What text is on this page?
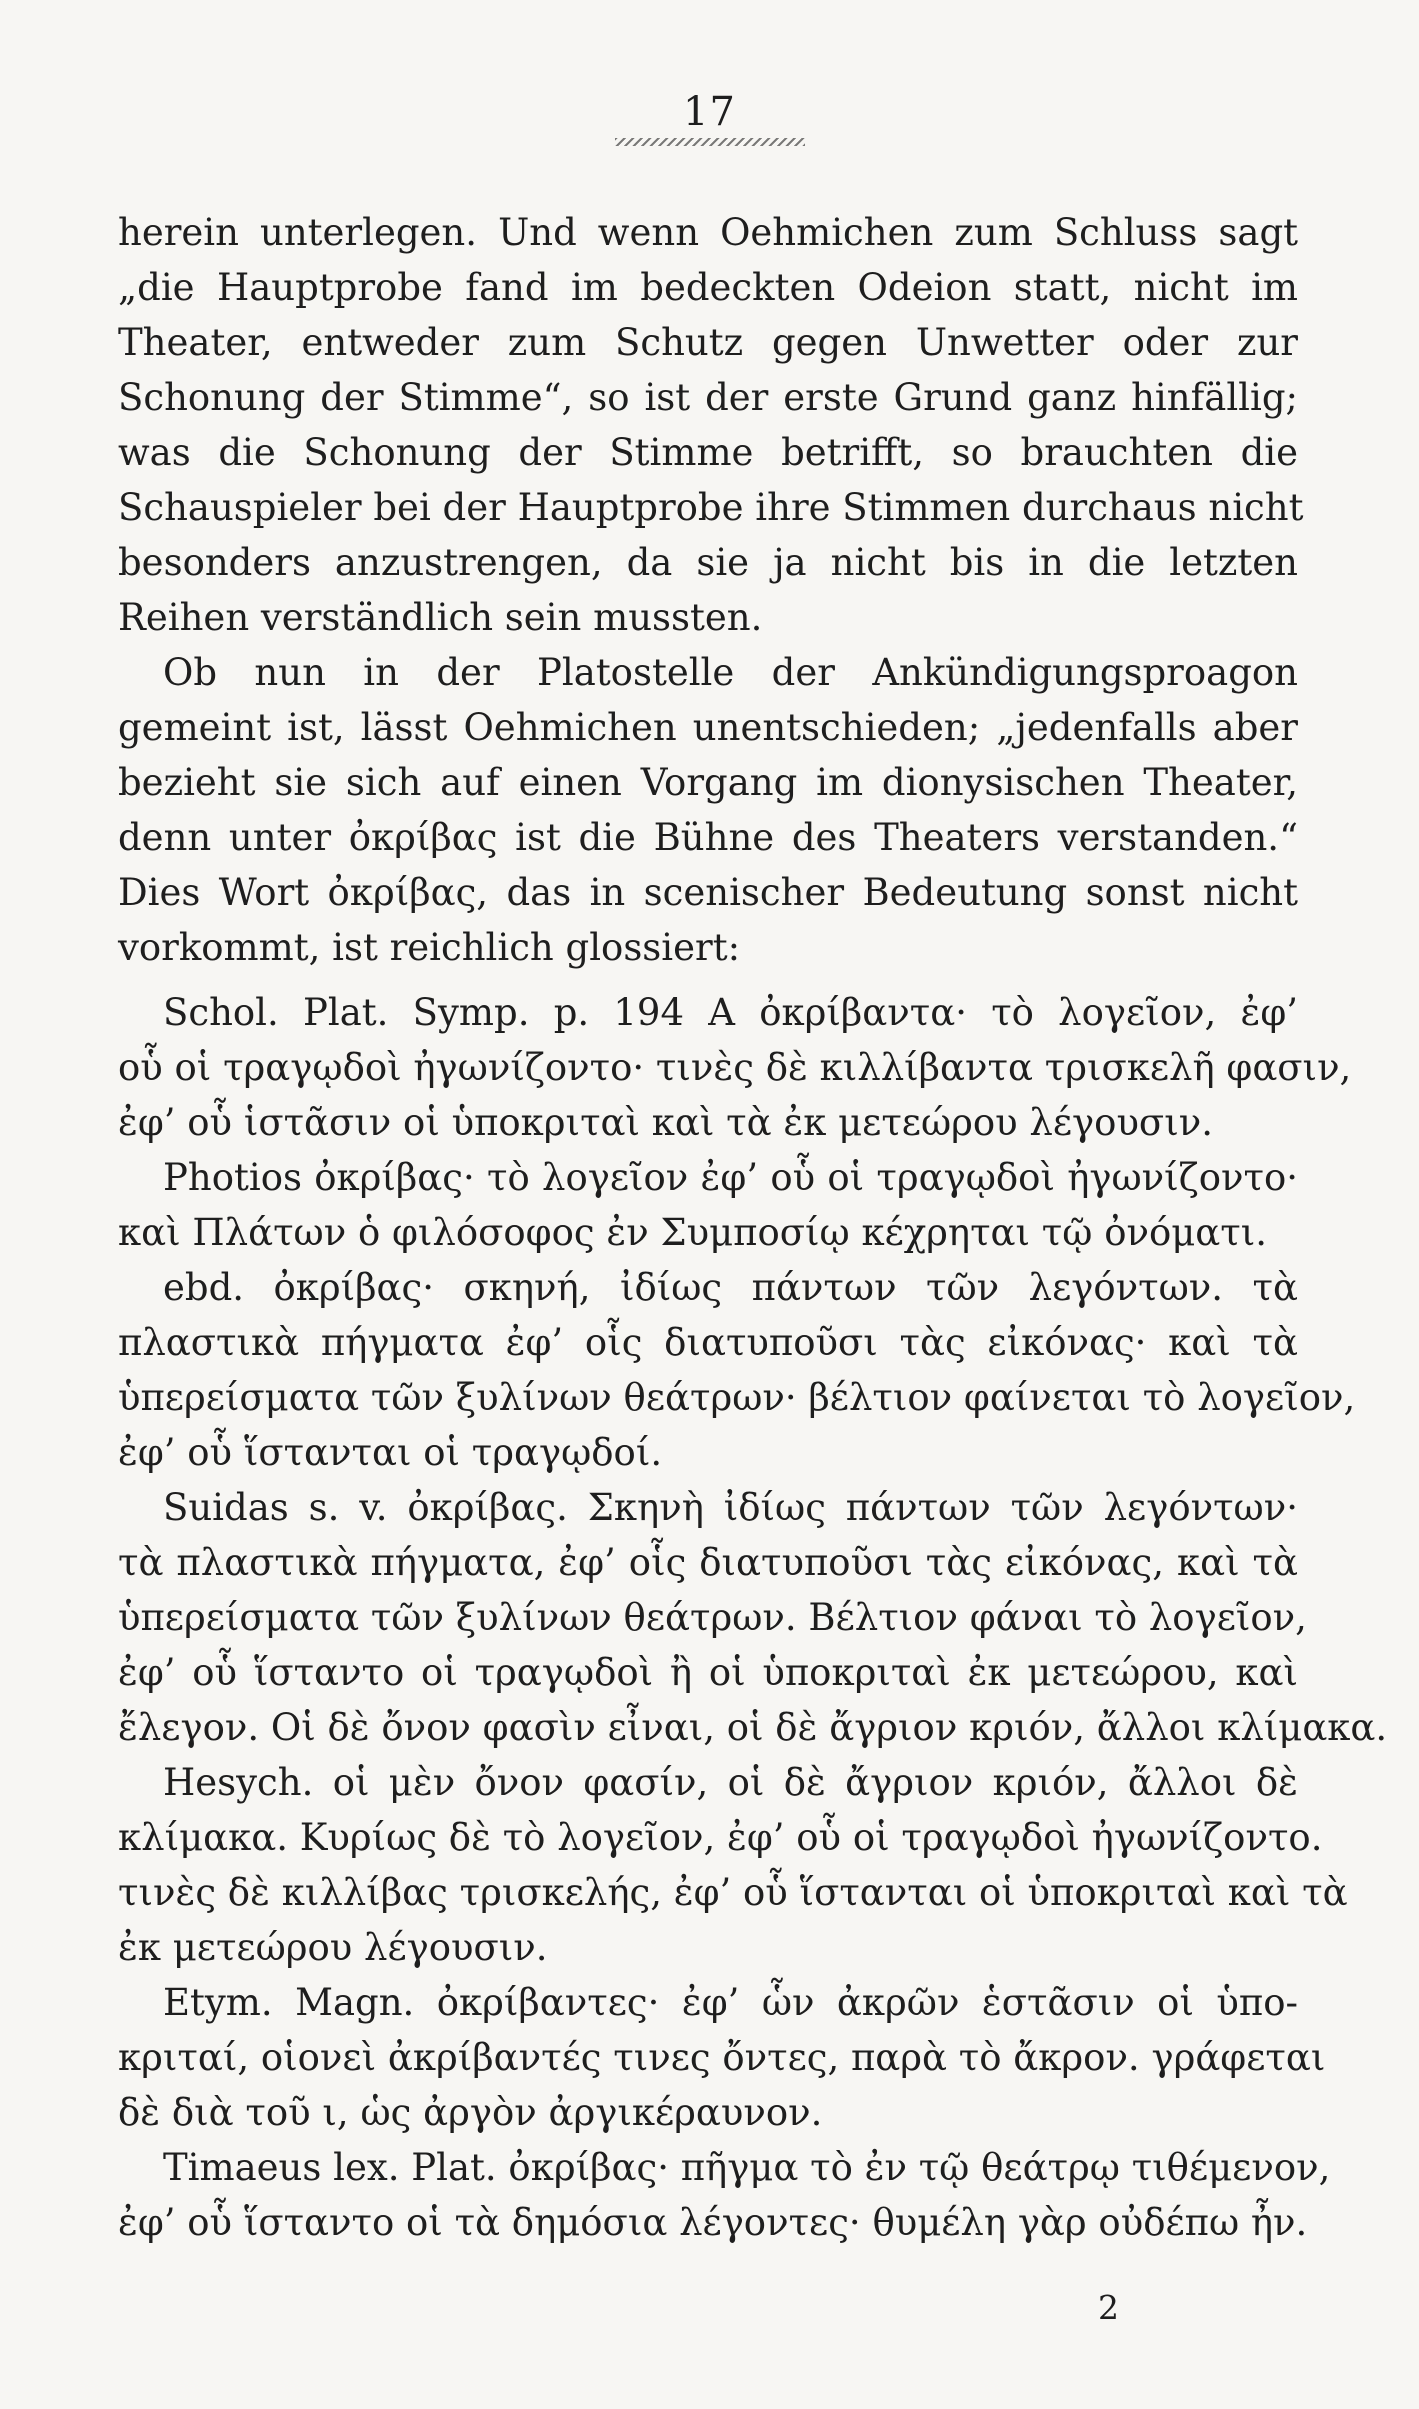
17
herein unterlegen. Und wenn Oehmichen zum Schluss sagt
„die Hauptprobe fand im bedeckten Odeion statt, nicht im
Theater, entweder zum Schutz gegen Unwetter oder zur
Schonung der Stimme“, so ist der erste Grund ganz hinfällig;
was die Schonung der Stimme betrifft, so brauchten die
Schauspieler bei der Hauptprobe ihre Stimmen durchaus nicht
besonders anzustrengen, da sie ja nicht bis in die letzten
Reihen verständlich sein mussten.
Ob nun in der Platostelle der Ankündigungsproagon
gemeint ist, lässt Oehmichen unentschieden; „jedenfalls aber
bezieht sie sich auf einen Vorgang im dionysischen Theater,
denn unter ὀκρίβας ist die Bühne des Theaters verstanden.“
Dies Wort ὀκρίβας, das in scenischer Bedeutung sonst nicht
vorkommt, ist reichlich glossiert:
Schol. Plat. Symp. p. 194 A ὀκρίβαντα· τὸ λογεῖον, ἐφ’
οὗ οἱ τραγῳδοὶ ἠγωνίζοντο· τινὲς δὲ κιλλίβαντα τρισκελῆ φασιν,
ἐφ’ οὗ ἱστᾶσιν οἱ ὑποκριταὶ καὶ τὰ ἐκ μετεώρου λέγουσιν.
Photios ὀκρίβας· τὸ λογεῖον ἐφ’ οὗ οἱ τραγῳδοὶ ἠγωνίζοντο·
καὶ Πλάτων ὁ φιλόσοφος ἐν Συμποσίῳ κέχρηται τῷ ὀνόματι.
ebd. ὀκρίβας· σκηνή, ἰδίως πάντων τῶν λεγόντων. τὰ
πλαστικὰ πήγματα ἐφ’ οἷς διατυποῦσι τὰς εἰκόνας· καὶ τὰ
ὑπερείσματα τῶν ξυλίνων θεάτρων· βέλτιον φαίνεται τὸ λογεῖον,
ἐφ’ οὗ ἵστανται οἱ τραγῳδοί.
Suidas s. v. ὀκρίβας. Σκηνὴ ἰδίως πάντων τῶν λεγόντων·
τὰ πλαστικὰ πήγματα, ἐφ’ οἷς διατυποῦσι τὰς εἰκόνας, καὶ τὰ
ὑπερείσματα τῶν ξυλίνων θεάτρων. Βέλτιον φάναι τὸ λογεῖον,
ἐφ’ οὗ ἵσταντο οἱ τραγῳδοὶ ἢ οἱ ὑποκριταὶ ἐκ μετεώρου, καὶ
ἔλεγον. Οἱ δὲ ὄνον φασὶν εἶναι, οἱ δὲ ἄγριον κριόν, ἄλλοι κλίμακα.
Hesych. οἱ μὲν ὄνον φασίν, οἱ δὲ ἄγριον κριόν, ἄλλοι δὲ
κλίμακα. Κυρίως δὲ τὸ λογεῖον, ἐφ’ οὗ οἱ τραγῳδοὶ ἠγωνίζοντο.
τινὲς δὲ κιλλίβας τρισκελής, ἐφ’ οὗ ἵστανται οἱ ὑποκριταὶ καὶ τὰ
ἐκ μετεώρου λέγουσιν.
Etym. Magn. ὀκρίβαντες· ἐφ’ ὧν ἀκρῶν ἑστᾶσιν οἱ ὑπο-
κριταί, οἱονεὶ ἀκρίβαντές τινες ὄντες, παρὰ τὸ ἄκρον. γράφεται
δὲ διὰ τοῦ ι, ὡς ἀργὸν ἀργικέραυνον.
Timaeus lex. Plat. ὀκρίβας· πῆγμα τὸ ἐν τῷ θεάτρῳ τιθέμενον,
ἐφ’ οὗ ἵσταντο οἱ τὰ δημόσια λέγοντες· θυμέλη γὰρ οὐδέπω ἦν.
2
